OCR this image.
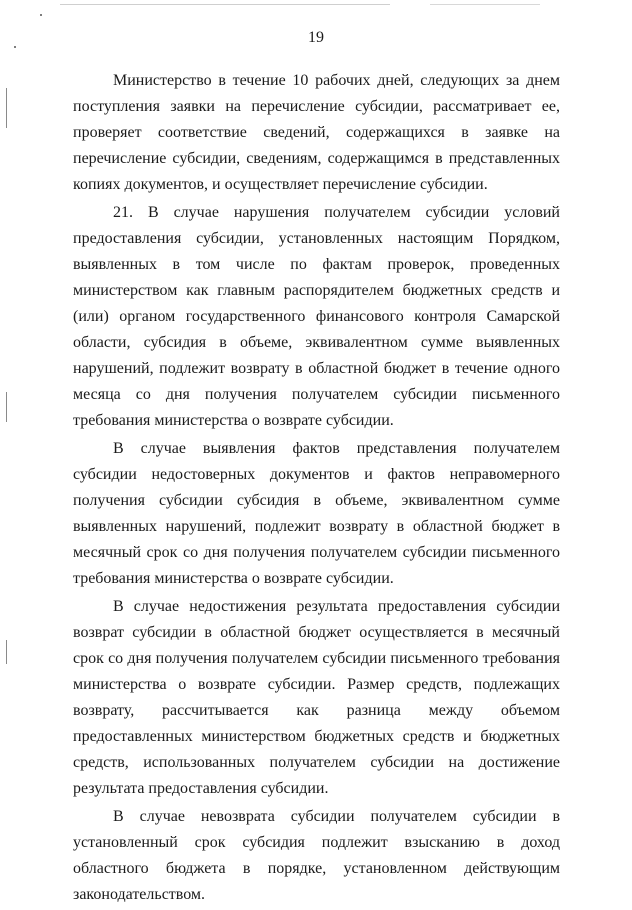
19

Министерство в течение 10 рабочих дней, следующих за днем поступления заявки на перечисление субсидии, рассматривает ее, проверяет соответствие сведений, содержащихся в заявке на перечисление субсидии, сведениям, содержащимся в представленных копиях документов, и осуществляет перечисление субсидии.

21. В случае нарушения получателем субсидии условий предоставления субсидии, установленных настоящим Порядком, выявленных в том числе по фактам проверок, проведенных министерством как главным распорядителем бюджетных средств и (или) органом государственного финансового контроля Самарской области, субсидия в объеме, эквивалентном сумме выявленных нарушений, подлежит возврату в областной бюджет в течение одного месяца со дня получения получателем субсидии письменного требования министерства о возврате субсидии.

В случае выявления фактов представления получателем субсидии недостоверных документов и фактов неправомерного получения субсидии субсидия в объеме, эквивалентном сумме выявленных нарушений, подлежит возврату в областной бюджет в месячный срок со дня получения получателем субсидии письменного требования министерства о возврате субсидии.

В случае недостижения результата предоставления субсидии возврат субсидии в областной бюджет осуществляется в месячный срок со дня получения получателем субсидии письменного требования министерства о возврате субсидии. Размер средств, подлежащих возврату, рассчитывается как разница между объемом предоставленных министерством бюджетных средств и бюджетных средств, использованных получателем субсидии на достижение результата предоставления субсидии.

В случае невозврата субсидии получателем субсидии в установленный срок субсидия подлежит взысканию в доход областного бюджета в порядке, установленном действующим законодательством.
